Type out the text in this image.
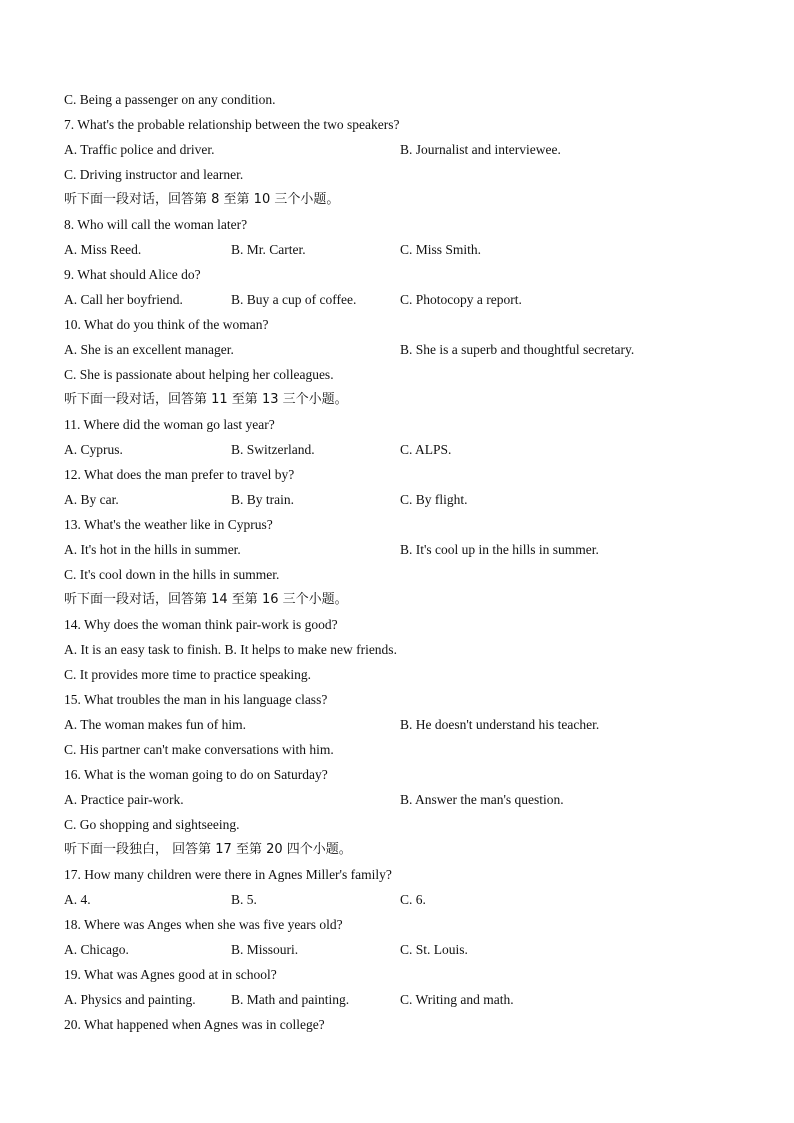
C. Being a passenger on any condition.
7. What's the probable relationship between the two speakers?
A. Traffic police and driver.	B. Journalist and interviewee.
C. Driving instructor and learner.
听下面一段对话，回答第 8 至第 10 三个小题。
8. Who will call the woman later?
A. Miss Reed.	B. Mr. Carter.	C. Miss Smith.
9. What should Alice do?
A. Call her boyfriend.	B. Buy a cup of coffee.	C. Photocopy a report.
10. What do you think of the woman?
A. She is an excellent manager.	B. She is a superb and thoughtful secretary.
C. She is passionate about helping her colleagues.
听下面一段对话，回答第 11 至第 13 三个小题。
11. Where did the woman go last year?
A. Cyprus.	B. Switzerland.	C. ALPS.
12. What does the man prefer to travel by?
A. By car.	B. By train.	C. By flight.
13. What's the weather like in Cyprus?
A. It's hot in the hills in summer.	B. It's cool up in the hills in summer.
C. It's cool down in the hills in summer.
听下面一段对话，回答第 14 至第 16 三个小题。
14. Why does the woman think pair-work is good?
A. It is an easy task to finish. B. It helps to make new friends.
C. It provides more time to practice speaking.
15. What troubles the man in his language class?
A. The woman makes fun of him.	B. He doesn't understand his teacher.
C. His partner can't make conversations with him.
16. What is the woman going to do on Saturday?
A. Practice pair-work.	B. Answer the man's question.
C. Go shopping and sightseeing.
听下面一段独白， 回答第 17 至第 20 四个小题。
17. How many children were there in Agnes Miller's family?
A. 4.	B. 5.	C. 6.
18. Where was Anges when she was five years old?
A. Chicago.	B. Missouri.	C. St. Louis.
19. What was Agnes good at in school?
A. Physics and painting.	B. Math and painting.	C. Writing and math.
20. What happened when Agnes was in college?
